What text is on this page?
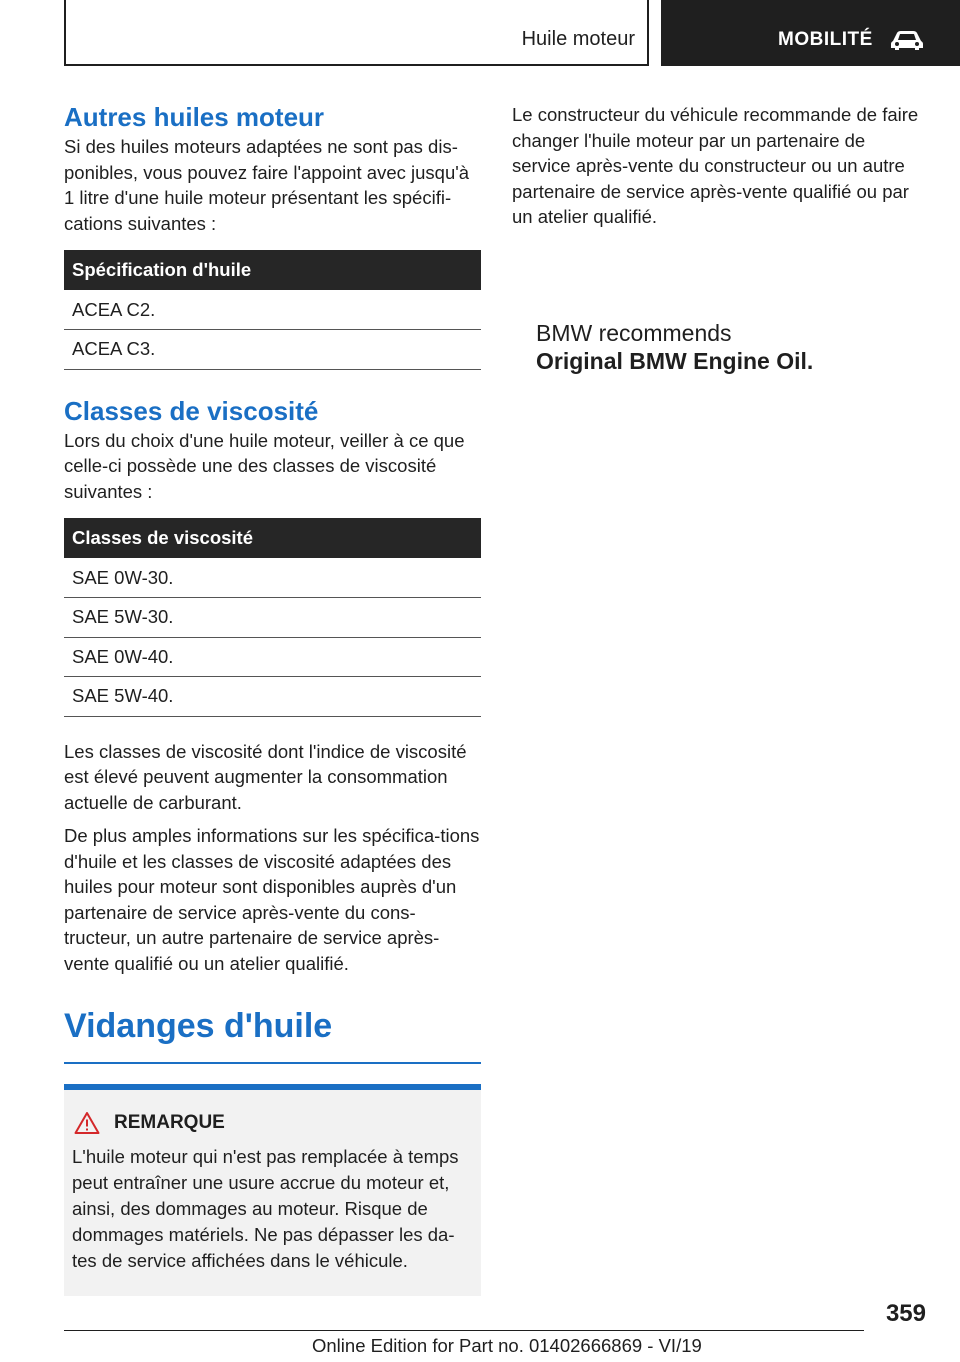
Huile moteur	MOBILITÉ
Autres huiles moteur
Si des huiles moteurs adaptées ne sont pas dis-ponibles, vous pouvez faire l'appoint avec jusqu'à 1 litre d'une huile moteur présentant les spécifi-cations suivantes :
Spécification d'huile
ACEA C2.
ACEA C3.
Classes de viscosité
Lors du choix d'une huile moteur, veiller à ce que celle-ci possède une des classes de viscosité suivantes :
Classes de viscosité
SAE 0W-30.
SAE 5W-30.
SAE 0W-40.
SAE 5W-40.
Les classes de viscosité dont l'indice de viscosité est élevé peuvent augmenter la consommation actuelle de carburant.
De plus amples informations sur les spécifica-tions d'huile et les classes de viscosité adaptées des huiles pour moteur sont disponibles auprès d'un partenaire de service après-vente du cons-tructeur, un autre partenaire de service après-vente qualifié ou un atelier qualifié.
Vidanges d'huile
REMARQUE
L'huile moteur qui n'est pas remplacée à temps peut entraîner une usure accrue du moteur et, ainsi, des dommages au moteur. Risque de dommages matériels. Ne pas dépasser les da-tes de service affichées dans le véhicule.
Le constructeur du véhicule recommande de faire changer l'huile moteur par un partenaire de service après-vente du constructeur ou un autre partenaire de service après-vente qualifié ou par un atelier qualifié.
BMW recommends
Original BMW Engine Oil.
359
Online Edition for Part no. 01402666869 - VI/19
